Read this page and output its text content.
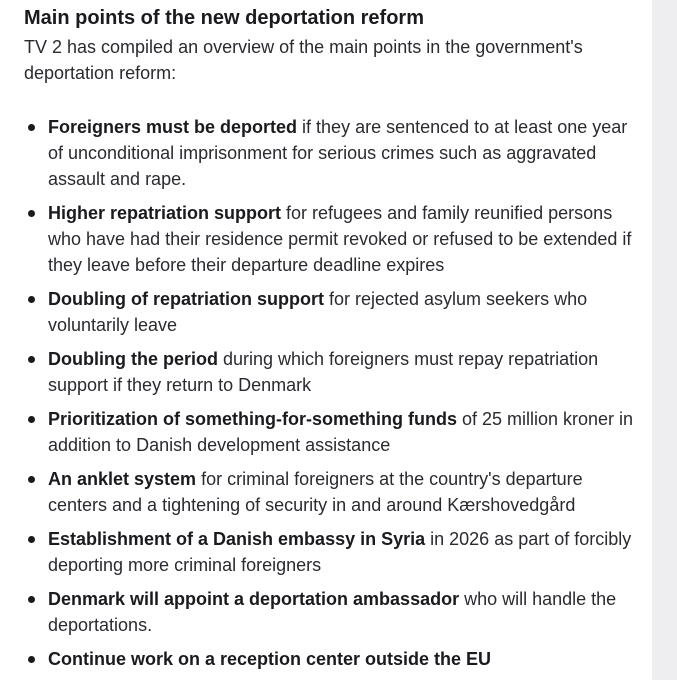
Main points of the new deportation reform

TV 2 has compiled an overview of the main points in the government's deportation reform:

Foreigners must be deported if they are sentenced to at least one year of unconditional imprisonment for serious crimes such as aggravated assault and rape.
Higher repatriation support for refugees and family reunified persons who have had their residence permit revoked or refused to be extended if they leave before their departure deadline expires
Doubling of repatriation support for rejected asylum seekers who voluntarily leave
Doubling the period during which foreigners must repay repatriation support if they return to Denmark
Prioritization of something-for-something funds of 25 million kroner in addition to Danish development assistance
An anklet system for criminal foreigners at the country's departure centers and a tightening of security in and around Kærshovedgård
Establishment of a Danish embassy in Syria in 2026 as part of forcibly deporting more criminal foreigners
Denmark will appoint a deportation ambassador who will handle the deportations.
Continue work on a reception center outside the EU
